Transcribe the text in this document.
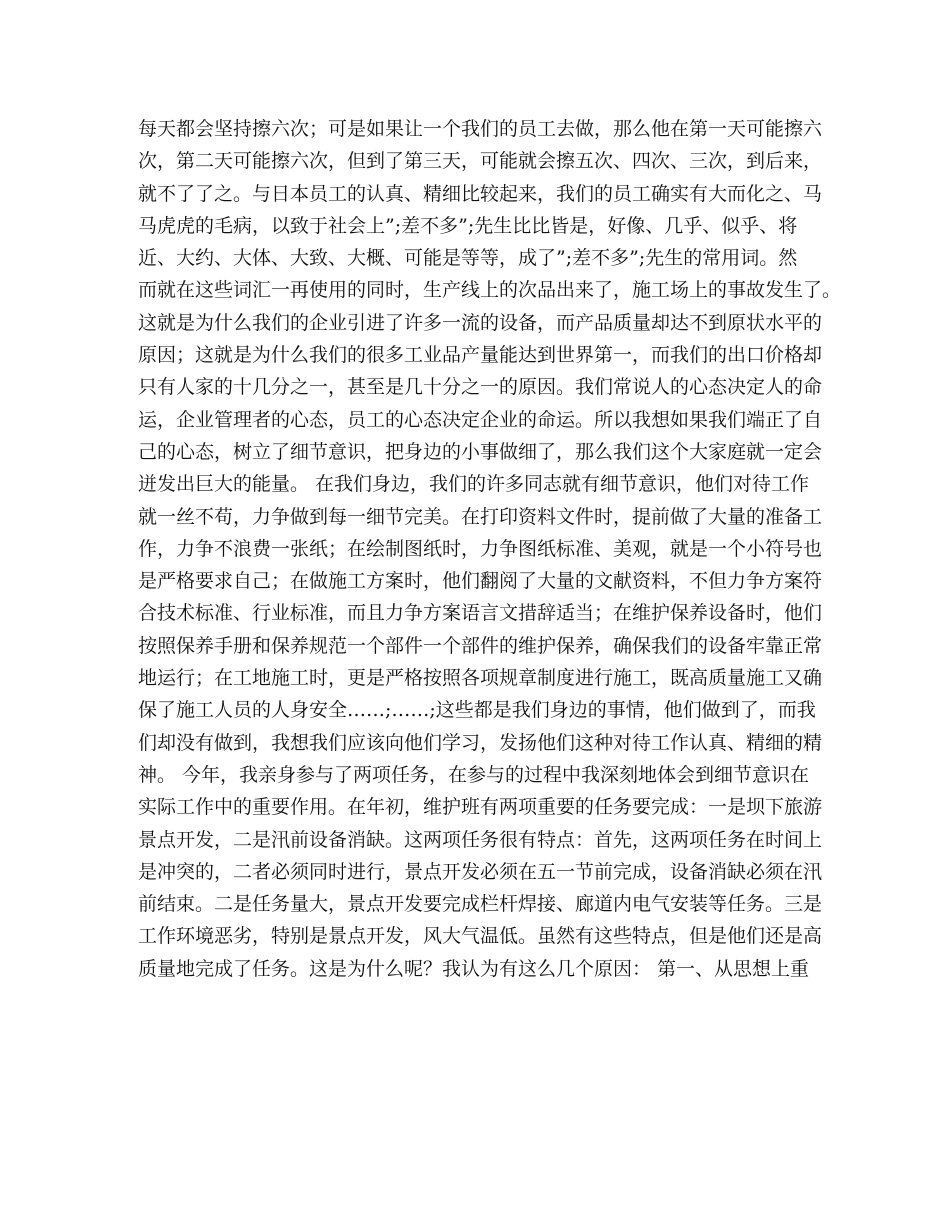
每天都会坚持擦六次；可是如果让一个我们的员工去做，那么他在第一天可能擦六
次，第二天可能擦六次，但到了第三天，可能就会擦五次、四次、三次，到后来，
就不了了之。与日本员工的认真、精细比较起来，我们的员工确实有大而化之、马
马虎虎的毛病，以致于社会上”;差不多”;先生比比皆是，好像、几乎、似乎、将
近、大约、大体、大致、大概、可能是等等，成了”;差不多”;先生的常用词。然
而就在这些词汇一再使用的同时，生产线上的次品出来了，施工场上的事故发生了。
这就是为什么我们的企业引进了许多一流的设备，而产品质量却达不到原状水平的
原因；这就是为什么我们的很多工业品产量能达到世界第一，而我们的出口价格却
只有人家的十几分之一，甚至是几十分之一的原因。我们常说人的心态决定人的命
运，企业管理者的心态，员工的心态决定企业的命运。所以我想如果我们端正了自
己的心态，树立了细节意识，把身边的小事做细了，那么我们这个大家庭就一定会
迸发出巨大的能量。 在我们身边，我们的许多同志就有细节意识，他们对待工作
就一丝不苟，力争做到每一细节完美。在打印资料文件时，提前做了大量的准备工
作，力争不浪费一张纸；在绘制图纸时，力争图纸标准、美观，就是一个小符号也
是严格要求自己；在做施工方案时，他们翻阅了大量的文献资料，不但力争方案符
合技术标准、行业标准，而且力争方案语言文措辞适当；在维护保养设备时，他们
按照保养手册和保养规范一个部件一个部件的维护保养，确保我们的设备牢靠正常
地运行；在工地施工时，更是严格按照各项规章制度进行施工，既高质量施工又确
保了施工人员的人身安全……;……;这些都是我们身边的事情，他们做到了，而我
们却没有做到，我想我们应该向他们学习，发扬他们这种对待工作认真、精细的精
神。 今年，我亲身参与了两项任务，在参与的过程中我深刻地体会到细节意识在
实际工作中的重要作用。在年初，维护班有两项重要的任务要完成：一是坝下旅游
景点开发，二是汛前设备消缺。这两项任务很有特点：首先，这两项任务在时间上
是冲突的，二者必须同时进行，景点开发必须在五一节前完成，设备消缺必须在汛
前结束。二是任务量大，景点开发要完成栏杆焊接、廊道内电气安装等任务。三是
工作环境恶劣，特别是景点开发，风大气温低。虽然有这些特点，但是他们还是高
质量地完成了任务。这是为什么呢？我认为有这么几个原因： 第一、从思想上重
